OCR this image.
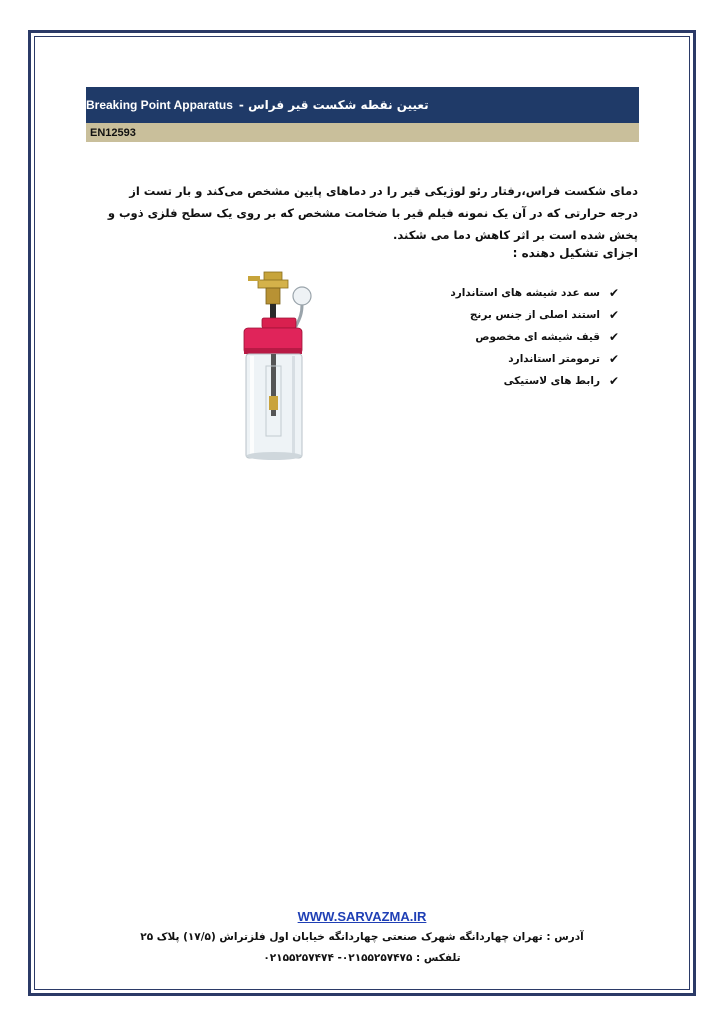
تعیین نقطه شکست قیر فراس -
Breaking Point Apparatus
EN12593
دمای شکست فراس،رفتار رئو لوژیکی قیر را در دماهای پایین مشخص می‌کند و بار تست از درجه حرارتی که در آن یک نمونه فیلم قیر با ضخامت مشخص که بر روی یک سطح فلزی ذوب و پخش شده است بر اثر کاهش دما می شکند.
اجزای تشکیل دهنده :
✔
سه عدد شیشه های استاندارد
✔
استند اصلی از جنس برنج
✔
قیف شیشه ای مخصوص
✔
ترمومتر استاندارد
✔
رابط های لاستیکی
WWW.SARVAZMA.IR
آدرس : تهران چهاردانگه شهرک صنعتی چهاردانگه خیابان اول فلزتراش (۱۷/۵) پلاک ۲۵
تلفکس : ۰۲۱۵۵۲۵۷۴۷۵- ۰۲۱۵۵۲۵۷۴۷۴
